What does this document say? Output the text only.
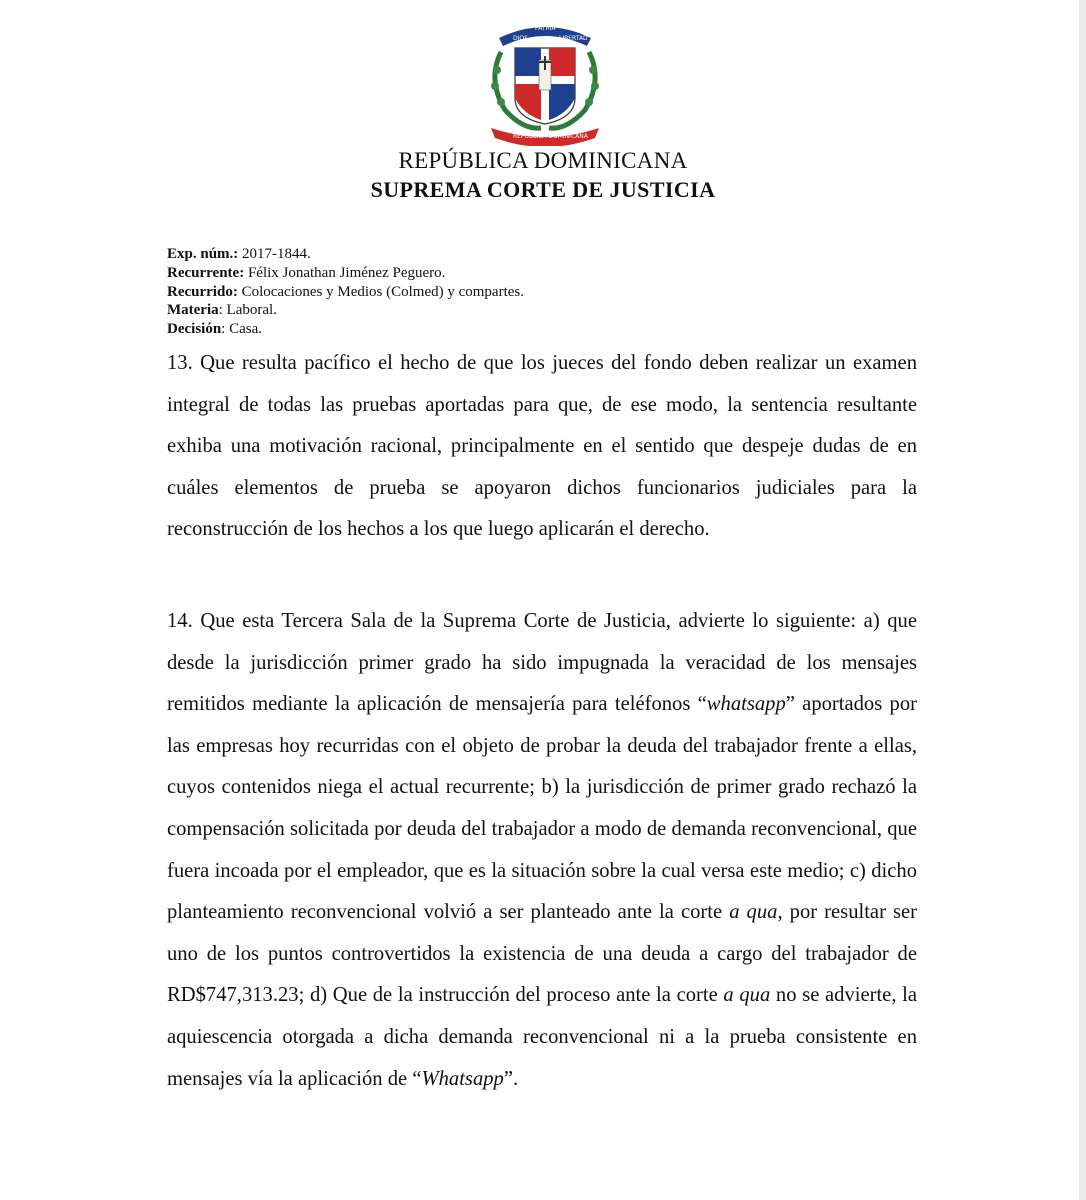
DIOS
PATRIA
LIBERTAD
REPÚBLICA DOMINICANA
REPÚBLICA DOMINICANA
SUPREMA CORTE DE JUSTICIA
Exp. núm.: 2017-1844.
Recurrente: Félix Jonathan Jiménez Peguero.
Recurrido: Colocaciones y Medios (Colmed) y compartes.
Materia: Laboral.
Decisión: Casa.

13. Que resulta pacífico el hecho de que los jueces del fondo deben realizar un examen integral de todas las pruebas aportadas para que, de ese modo, la sentencia resultante exhiba una motivación racional, principalmente en el sentido que despeje dudas de en cuáles elementos de prueba se apoyaron dichos funcionarios judiciales para la reconstrucción de los hechos a los que luego aplicarán el derecho.

14. Que esta Tercera Sala de la Suprema Corte de Justicia, advierte lo siguiente: a) que desde la jurisdicción primer grado ha sido impugnada la veracidad de los mensajes remitidos mediante la aplicación de mensajería para teléfonos “whatsapp” aportados por las empresas hoy recurridas con el objeto de probar la deuda del trabajador frente a ellas, cuyos contenidos niega el actual recurrente; b) la jurisdicción de primer grado rechazó la compensación solicitada por deuda del trabajador a modo de demanda reconvencional, que fuera incoada por el empleador, que es la situación sobre la cual versa este medio; c) dicho planteamiento reconvencional volvió a ser planteado ante la corte a qua, por resultar ser uno de los puntos controvertidos la existencia de una deuda a cargo del trabajador de RD$747,313.23; d) Que de la instrucción del proceso ante la corte a qua no se advierte, la aquiescencia otorgada a dicha demanda reconvencional ni a la prueba consistente en mensajes vía la aplicación de “Whatsapp”.
